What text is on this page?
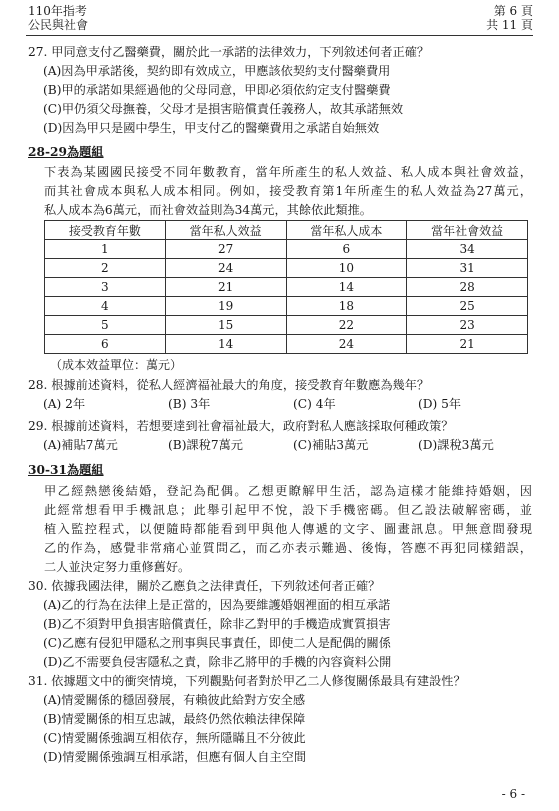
110年指考
公民與社會
第 6 頁
共 11 頁
27. 甲同意支付乙醫藥費，關於此一承諾的法律效力，下列敘述何者正確？
(A)因為甲承諾後，契約即有效成立，甲應該依契約支付醫藥費用
(B)甲的承諾如果經過他的父母同意，甲即必須依約定支付醫藥費
(C)甲仍須父母撫養，父母才是損害賠償責任義務人，故其承諾無效
(D)因為甲只是國中學生，甲支付乙的醫藥費用之承諾自始無效
28-29為題組
下表為某國國民接受不同年數教育，當年所產生的私人效益、私人成本與社會效益，
而其社會成本與私人成本相同。例如，接受教育第1年所產生的私人效益為27萬元，
私人成本為6萬元，而社會效益則為34萬元，其餘依此類推。
接受教育年數	當年私人效益	當年私人成本	當年社會效益
1	27	6	34
2	24	10	31
3	21	14	28
4	19	18	25
5	15	22	23
6	14	24	21
（成本效益單位：萬元）
28. 根據前述資料，從私人經濟福祉最大的角度，接受教育年數應為幾年？
(A) 2年	(B) 3年	(C) 4年	(D) 5年
29. 根據前述資料，若想要達到社會福祉最大，政府對私人應該採取何種政策？
(A)補貼7萬元	(B)課稅7萬元	(C)補貼3萬元	(D)課稅3萬元
30-31為題組
甲乙經熱戀後結婚，登記為配偶。乙想更瞭解甲生活，認為這樣才能維持婚姻，因
此經常想看甲手機訊息；此舉引起甲不悅，設下手機密碼。但乙設法破解密碼，並
植入監控程式，以便隨時都能看到甲與他人傳遞的文字、圖畫訊息。甲無意間發現
乙的作為，感覺非常痛心並質問乙，而乙亦表示難過、後悔，答應不再犯同樣錯誤，
二人並決定努力重修舊好。
30. 依據我國法律，關於乙應負之法律責任，下列敘述何者正確？
(A)乙的行為在法律上是正當的，因為要維護婚姻裡面的相互承諾
(B)乙不須對甲負損害賠償責任，除非乙對甲的手機造成實質損害
(C)乙應有侵犯甲隱私之刑事與民事責任，即使二人是配偶的關係
(D)乙不需要負侵害隱私之責，除非乙將甲的手機的內容資料公開
31. 依據題文中的衝突情境，下列觀點何者對於甲乙二人修復關係最具有建設性？
(A)情愛關係的穩固發展，有賴彼此給對方安全感
(B)情愛關係的相互忠誠，最終仍然依賴法律保障
(C)情愛關係強調互相依存，無所隱瞞且不分彼此
(D)情愛關係強調互相承諾，但應有個人自主空間
- 6 -
